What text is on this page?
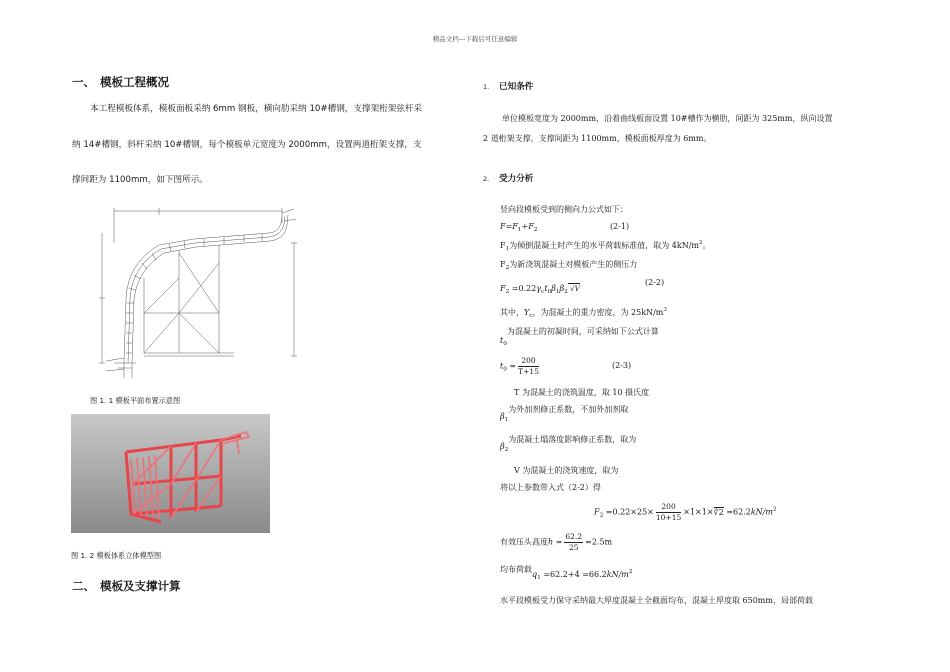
精品文档---下载后可任意编辑
一、 模板工程概况
本工程模板体系，模板面板采纳 6mm 钢板，横向肋采纳 10#槽钢，支撑架桁架弦杆采
纳 14#槽钢，斜杆采纳 10#槽钢，每个模板单元宽度为 2000mm，设置两道桁架支撑，支
撑间距为 1100mm，如下图所示。
图 1. 1 模板平面布置示意图
图 1. 2 模板体系立体模型图
二、 模板及支撑计算
1. 已知条件
单位模板宽度为 2000mm，沿着曲线板面设置 10#槽作为横肋，间距为 325mm，纵向设置
2 道桁架支撑，支撑间距为 1100mm，模板面板厚度为 6mm。
2. 受力分析
竖向段模板受到的侧向力公式如下：
$F=F_1+F_2$	(2-1)
$F_1$为倾倒混凝土时产生的水平荷载标准值，取为 $4kN/m^2$。
$F_2$为新浇筑混凝土对模板产生的侧压力
(2-2)
$F_2 =0.22\gamma_ct_0\beta_1\beta_2$ √V
其中，$Y_c$，为混凝土的重力密度，为 $25kN/m^3$
$t_0$为混凝土的初凝时间，可采纳如下公式计算
$t_0 = \frac{200}{T+15}$	(2-3)
T 为混凝土的浇筑温度，取 10 摄氏度
$\beta_1$为外加剂修正系数，不加外加剂取
$\beta_2$为混凝土塌落度影响修正系数，取为
V 为混凝土的浇筑速度，取为
将以上参数带入式（2-2）得
$F_2 =0.22\times 25\times \frac{200}{10+15}$ ×1×1×∛2 $=62.2kN/m^2$
有效压头高度$h = \frac{62.2}{25} =2.5m$
均布荷载$q_1 =62.2+4 =66.2kN/m^2$
水平段模板受力保守采纳最大厚度混凝土全截面均布，混凝土厚度取 650mm，局部荷载
